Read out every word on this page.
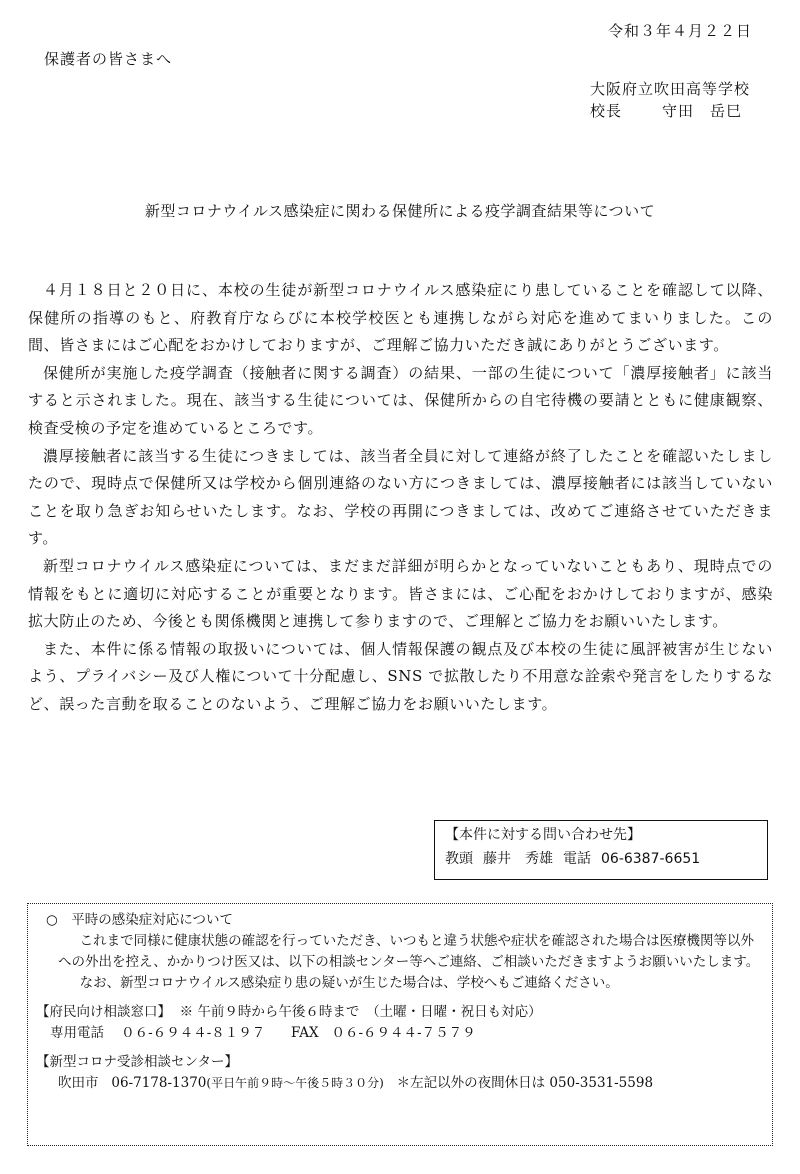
令和３年４月２２日
保護者の皆さまへ
大阪府立吹田高等学校
校長	守田　岳巳
新型コロナウイルス感染症に関わる保健所による疫学調査結果等について

４月１８日と２０日に、本校の生徒が新型コロナウイルス感染症にり患していることを確認して以降、保健所の指導のもと、府教育庁ならびに本校学校医とも連携しながら対応を進めてまいりました。この間、皆さまにはご心配をおかけしておりますが、ご理解ご協力いただき誠にありがとうございます。

保健所が実施した疫学調査（接触者に関する調査）の結果、一部の生徒について「濃厚接触者」に該当すると示されました。現在、該当する生徒については、保健所からの自宅待機の要請とともに健康観察、検査受検の予定を進めているところです。

濃厚接触者に該当する生徒につきましては、該当者全員に対して連絡が終了したことを確認いたしましたので、現時点で保健所又は学校から個別連絡のない方につきましては、濃厚接触者には該当していないことを取り急ぎお知らせいたします。なお、学校の再開につきましては、改めてご連絡させていただきます。

新型コロナウイルス感染症については、まだまだ詳細が明らかとなっていないこともあり、現時点での情報をもとに適切に対応することが重要となります。皆さまには、ご心配をおかけしておりますが、感染拡大防止のため、今後とも関係機関と連携して参りますので、ご理解とご協力をお願いいたします。

また、本件に係る情報の取扱いについては、個人情報保護の観点及び本校の生徒に風評被害が生じないよう、プライバシー及び人権について十分配慮し、SNS で拡散したり不用意な詮索や発言をしたりするなど、誤った言動を取ることのないよう、ご理解ご協力をお願いいたします。

【本件に対する問い合わせ先】
教頭 藤井　秀雄 電話 06-6387-6651

○　平時の感染症対応について

これまで同様に健康状態の確認を行っていただき、いつもと違う状態や症状を確認された場合は医療機関等以外への外出を控え、かかりつけ医又は、以下の相談センター等へご連絡、ご相談いただきますようお願いいたします。

なお、新型コロナウイルス感染症り患の疑いが生じた場合は、学校へもご連絡ください。

【府民向け相談窓口】 ※ 午前９時から午後６時まで　（土曜・日曜・祝日も対応）

専用電話 ０６-６９４４-８１９７ FAX ０６-６９４４-７５７９

【新型コロナ受診相談センター】

吹田市 06-7178-1370(平日午前９時～午後５時３０分) ＊左記以外の夜間休日は 050-3531-5598
